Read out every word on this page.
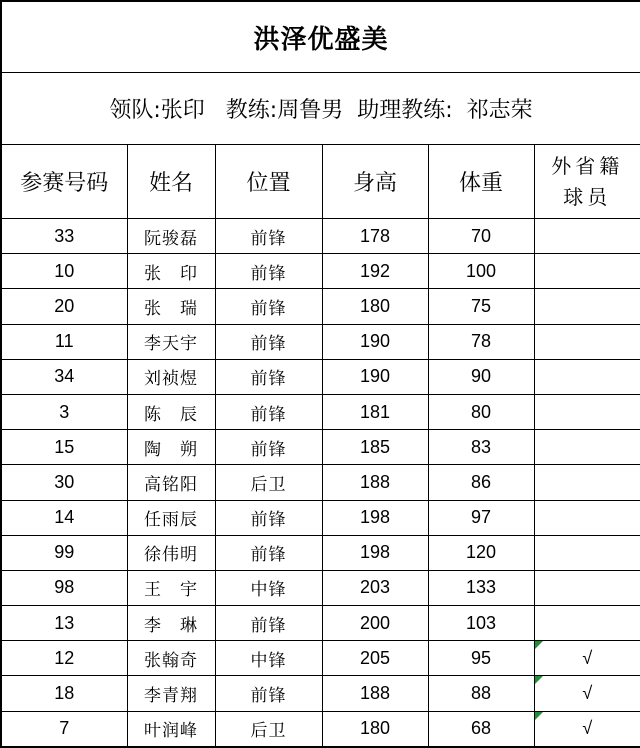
洪泽优盛美					
领队:张印 教练:周鲁男 助理教练: 祁志荣					
参赛号码	姓名	位置	身高	体重	外省籍
球员

33	阮骏磊	前锋	178	70	
10	张　印	前锋	192	100	
20	张　瑞	前锋	180	75	
11	李天宇	前锋	190	78	
34	刘祯煜	前锋	190	90	
3	陈　辰	前锋	181	80	
15	陶　朔	前锋	185	83	
30	高铭阳	后卫	188	86	
14	任雨辰	前锋	198	97	
99	徐伟明	前锋	198	120	
98	王　宇	中锋	203	133	
13	李　琳	前锋	200	103	
12	张翰奇	中锋	205	95	√

18	李青翔	前锋	188	88	√

7	叶润峰	后卫	180	68	√
